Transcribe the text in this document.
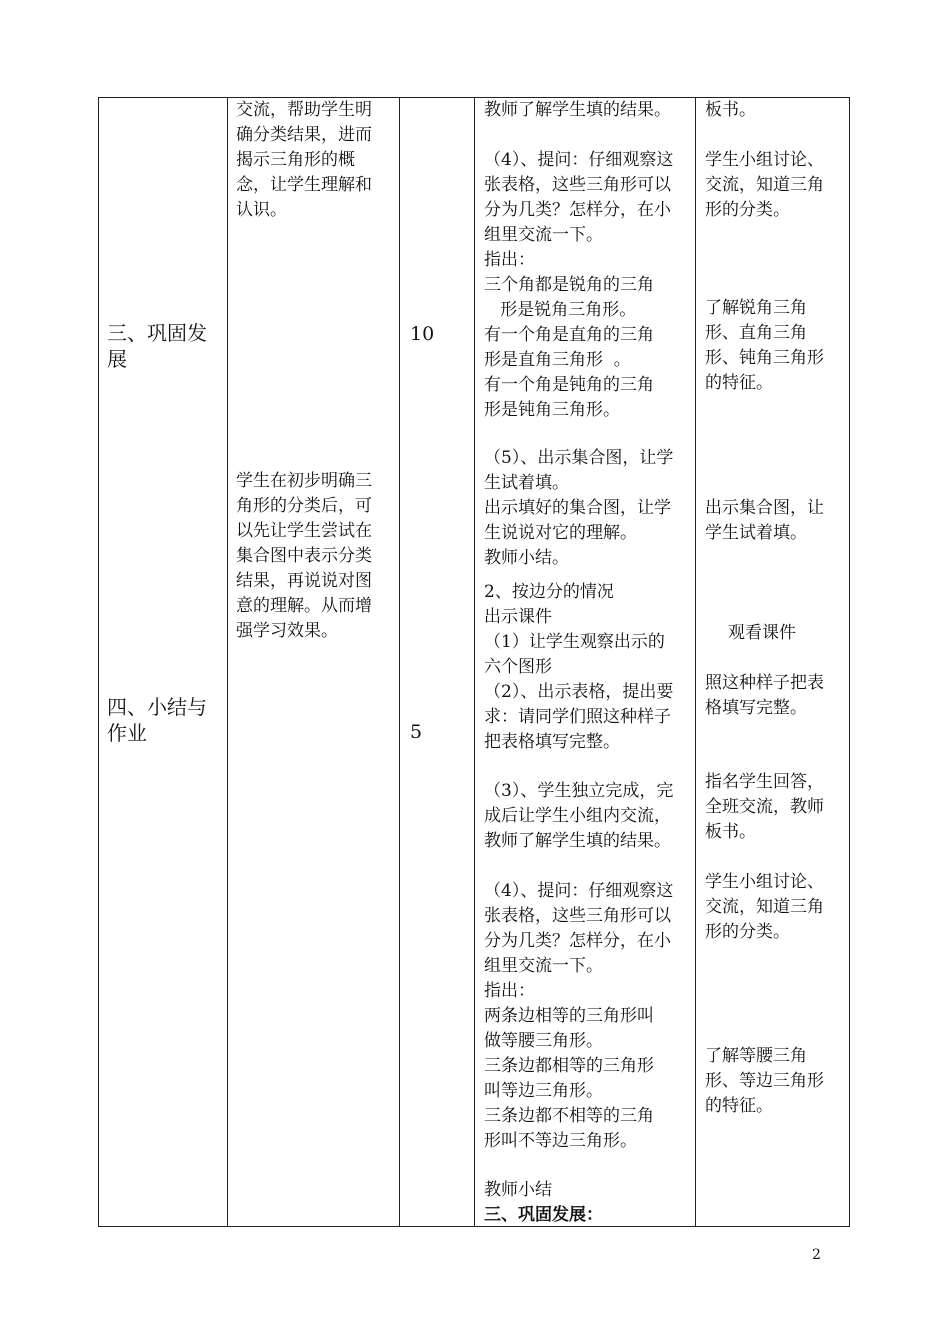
三、巩固发

展

四、小结与

作业

10
5

交流，帮助学生明

确分类结果，进而

揭示三角形的概

念，让学生理解和

认识。

学生在初步明确三

角形的分类后，可

以先让学生尝试在

集合图中表示分类

结果，再说说对图

意的理解。从而增

强学习效果。

教师了解学生填的结果。

（4）、提问：仔细观察这

张表格，这些三角形可以

分为几类？怎样分，在小

组里交流一下。

指出：

三个角都是锐角的三角

形是锐角三角形。

有一个角是直角的三角

形是直角三角形  。

有一个角是钝角的三角

形是钝角三角形。

（5）、出示集合图，让学

生试着填。

出示填好的集合图，让学

生说说对它的理解。

教师小结。

2、按边分的情况

出示课件

（1）让学生观察出示的

六个图形

（2）、出示表格，提出要

求：请同学们照这种样子

把表格填写完整。

（3）、学生独立完成，完

成后让学生小组内交流，

教师了解学生填的结果。

（4）、提问：仔细观察这

张表格，这些三角形可以

分为几类？怎样分，在小

组里交流一下。

指出：

两条边相等的三角形叫

做等腰三角形。

三条边都相等的三角形

叫等边三角形。

三条边都不相等的三角

形叫不等边三角形。

教师小结

三、巩固发展：

板书。

学生小组讨论、

交流，知道三角

形的分类。

了解锐角三角

形、直角三角

形、钝角三角形

的特征。

出示集合图，让

学生试着填。

观看课件

照这种样子把表

格填写完整。

指名学生回答，

全班交流，教师

板书。

学生小组讨论、

交流，知道三角

形的分类。

了解等腰三角

形、等边三角形

的特征。

2
